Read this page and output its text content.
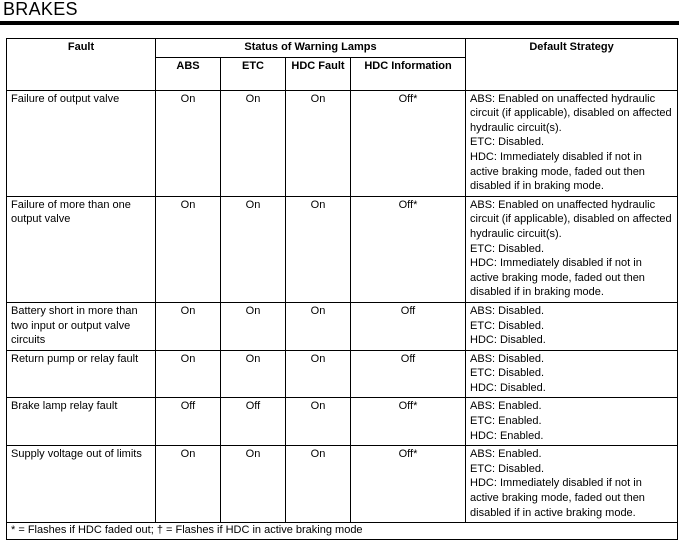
BRAKES
Fault	Status of Warning Lamps				Default Strategy
	ABS	ETC	HDC Fault	HDC Information	
Failure of output valve	On	On	On	Off*	ABS: Enabled on unaffected hydraulic circuit (if applicable), disabled on affected hydraulic circuit(s).
ETC: Disabled.
HDC: Immediately disabled if not in active braking mode, faded out then disabled if in braking mode.

Failure of more than one output valve	On	On	On	Off*	ABS: Enabled on unaffected hydraulic circuit (if applicable), disabled on affected hydraulic circuit(s).
ETC: Disabled.
HDC: Immediately disabled if not in active braking mode, faded out then disabled if in braking mode.

Battery short in more than two input or output valve circuits	On	On	On	Off	ABS: Disabled.
ETC: Disabled.
HDC: Disabled.

Return pump or relay fault	On	On	On	Off	ABS: Disabled.
ETC: Disabled.
HDC: Disabled.

Brake lamp relay fault	Off	Off	On	Off*	ABS: Enabled.
ETC: Enabled.
HDC: Enabled.

Supply voltage out of limits	On	On	On	Off*	ABS: Enabled.
ETC: Disabled.
HDC: Immediately disabled if not in active braking mode, faded out then disabled if in active braking mode.

* = Flashes if HDC faded out; † = Flashes if HDC in active braking mode					
